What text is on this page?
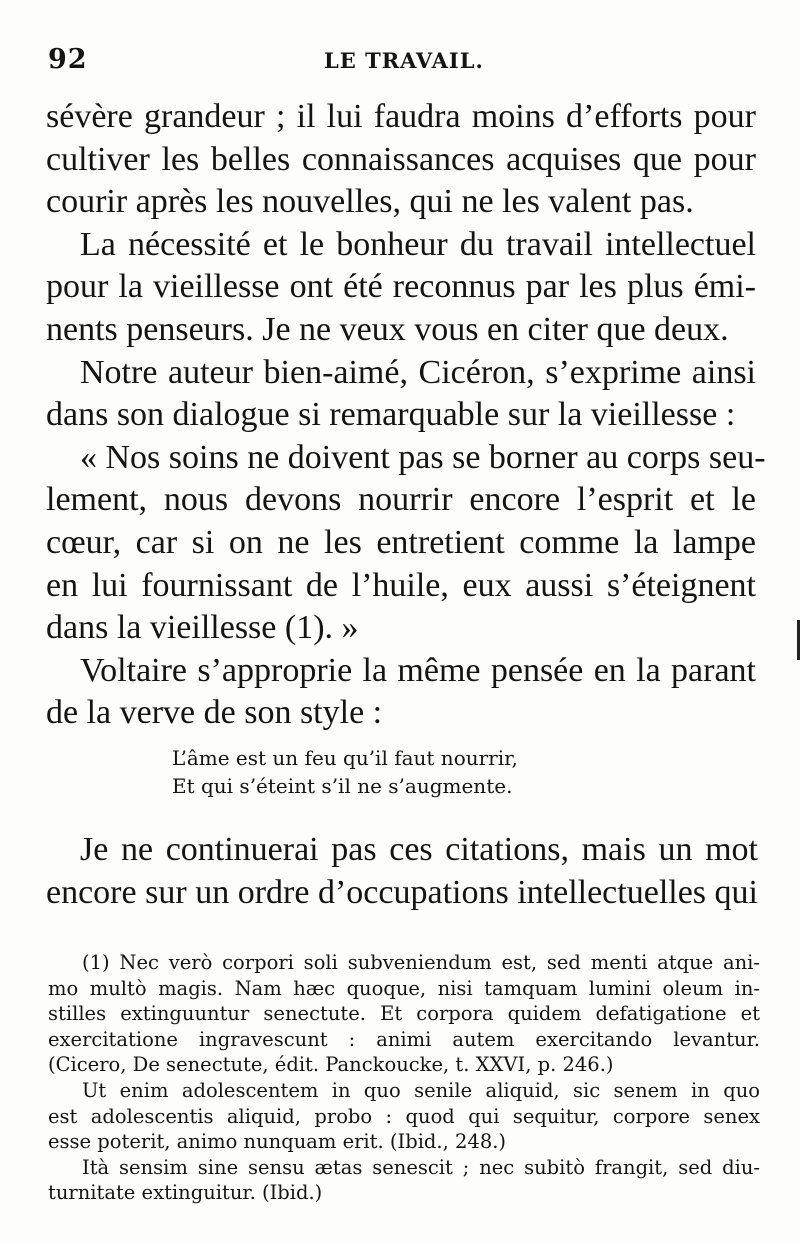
92	LE TRAVAIL.
sévère grandeur ; il lui faudra moins d’efforts pour
cultiver les belles connaissances acquises que pour
courir après les nouvelles, qui ne les valent pas.
La nécessité et le bonheur du travail intellectuel
pour la vieillesse ont été reconnus par les plus émi-
nents penseurs. Je ne veux vous en citer que deux.
Notre auteur bien-aimé, Cicéron, s’exprime ainsi
dans son dialogue si remarquable sur la vieillesse :
« Nos soins ne doivent pas se borner au corps seu-
lement, nous devons nourrir encore l’esprit et le
cœur, car si on ne les entretient comme la lampe
en lui fournissant de l’huile, eux aussi s’éteignent
dans la vieillesse (1). »
Voltaire s’approprie la même pensée en la parant
de la verve de son style :
L’âme est un feu qu’il faut nourrir,
Et qui s’éteint s’il ne s’augmente.
Je ne continuerai pas ces citations, mais un mot
encore sur un ordre d’occupations intellectuelles qui
(1) Nec verò corpori soli subveniendum est, sed menti atque ani-
mo multò magis. Nam hæc quoque, nisi tamquam lumini oleum in-
stilles extinguuntur senectute. Et corpora quidem defatigatione et
exercitatione ingravescunt : animi autem exercitando levantur.
(Cicero, De senectute, édit. Panckoucke, t. XXVI, p. 246.)
Ut enim adolescentem in quo senile aliquid, sic senem in quo
est adolescentis aliquid, probo : quod qui sequitur, corpore senex
esse poterit, animo nunquam erit. (Ibid., 248.)
Ità sensim sine sensu ætas senescit ; nec subitò frangit, sed diu-
turnitate extinguitur. (Ibid.)
